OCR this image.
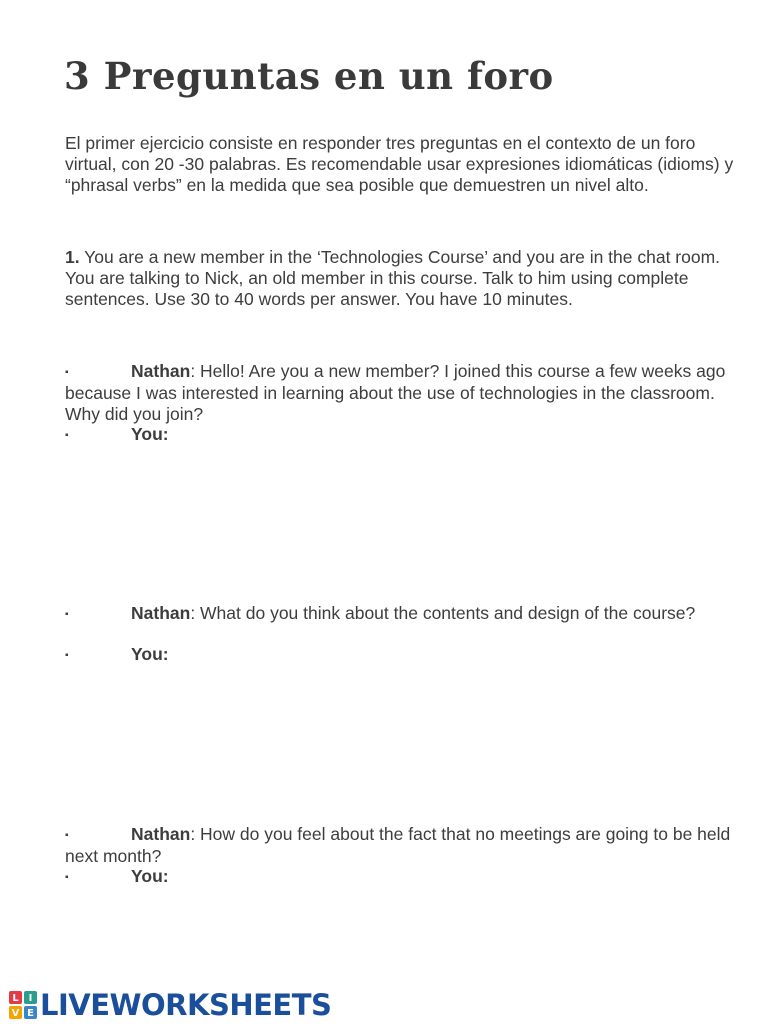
3 Preguntas en un foro

El primer ejercicio consiste en responder tres preguntas en el contexto de un foro virtual, con 20 -30 palabras. Es recomendable usar expresiones idiomáticas (idioms) y “phrasal verbs” en la medida que sea posible que demuestren un nivel alto.

1. You are a new member in the ‘Technologies Course’ and you are in the chat room. You are talking to Nick, an old member in this course. Talk to him using complete sentences. Use 30 to 40 words per answer. You have 10 minutes.

▪	Nathan: Hello! Are you a new member? I joined this course a few weeks ago because I was interested in learning about the use of technologies in the classroom. Why did you join?

▪	You:

▪	Nathan: What do you think about the contents and design of the course?

▪	You:

▪	Nathan: How do you feel about the fact that no meetings are going to be held next month?

▪	You:

L I
V E LIVEWORKSHEETS
